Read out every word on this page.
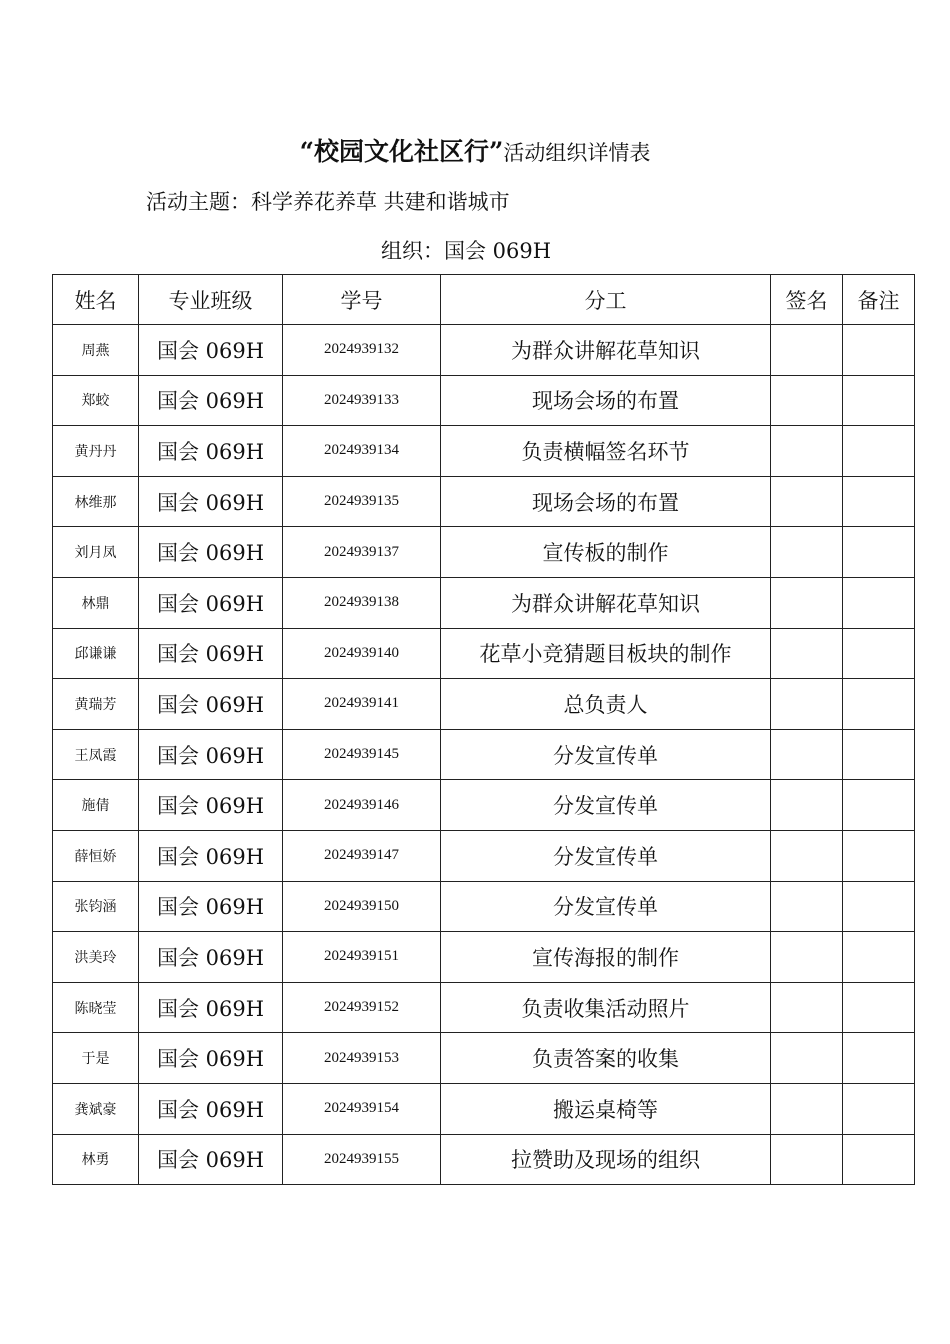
“校园文化社区行”活动组织详情表
活动主题：科学养花养草 共建和谐城市
组织：国会 069H
姓名	专业班级	学号	分工	签名	备注
周燕	国会 069H	2024939132	为群众讲解花草知识		
郑蛟	国会 069H	2024939133	现场会场的布置		
黄丹丹	国会 069H	2024939134	负责横幅签名环节		
林维那	国会 069H	2024939135	现场会场的布置		
刘月凤	国会 069H	2024939137	宣传板的制作		
林鼎	国会 069H	2024939138	为群众讲解花草知识		
邱谦谦	国会 069H	2024939140	花草小竞猜题目板块的制作		
黄瑞芳	国会 069H	2024939141	总负责人		
王凤霞	国会 069H	2024939145	分发宣传单		
施倩	国会 069H	2024939146	分发宣传单		
薛恒娇	国会 069H	2024939147	分发宣传单		
张钧涵	国会 069H	2024939150	分发宣传单		
洪美玲	国会 069H	2024939151	宣传海报的制作		
陈晓莹	国会 069H	2024939152	负责收集活动照片		
于是	国会 069H	2024939153	负责答案的收集		
龚斌豪	国会 069H	2024939154	搬运桌椅等		
林勇	国会 069H	2024939155	拉赞助及现场的组织		
